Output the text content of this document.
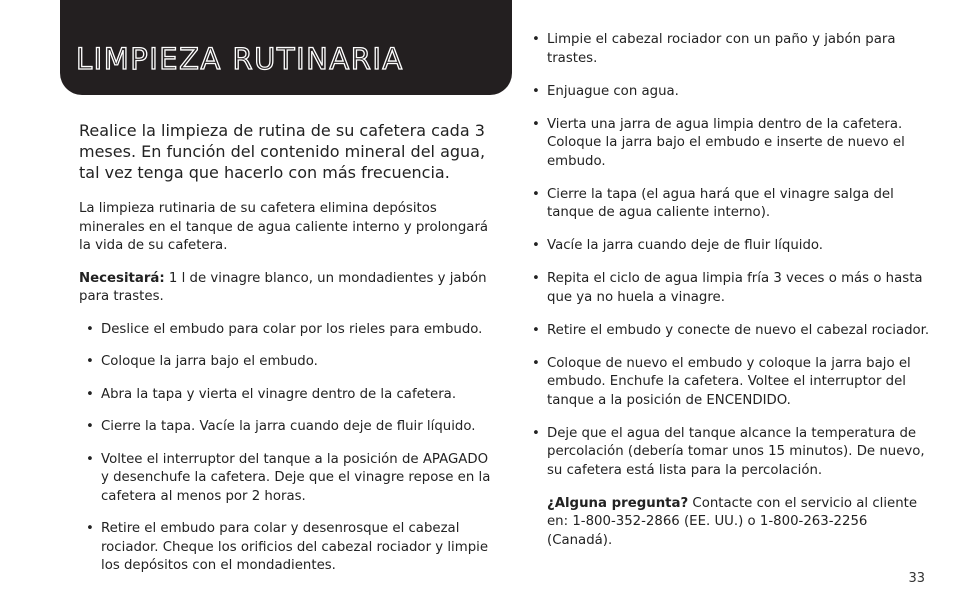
LIMPIEZA RUTINARIA

Realice la limpieza de rutina de su cafetera cada 3 meses. En función del contenido mineral del agua, tal vez tenga que hacerlo con más frecuencia.

La limpieza rutinaria de su cafetera elimina depósitos minerales en el tanque de agua caliente interno y prolongará la vida de su cafetera.

Necesitará: 1 l de vinagre blanco, un mondadientes y jabón para trastes.

• Deslice el embudo para colar por los rieles para embudo.
• Coloque la jarra bajo el embudo.
• Abra la tapa y vierta el vinagre dentro de la cafetera.
• Cierre la tapa. Vacíe la jarra cuando deje de fluir líquido.
• Voltee el interruptor del tanque a la posición de APAGADO y desenchufe la cafetera. Deje que el vinagre repose en la cafetera al menos por 2 horas.
• Retire el embudo para colar y desenrosque el cabezal rociador. Cheque los orificios del cabezal rociador y limpie los depósitos con el mondadientes.
• Limpie el cabezal rociador con un paño y jabón para trastes.
• Enjuague con agua.
• Vierta una jarra de agua limpia dentro de la cafetera. Coloque la jarra bajo el embudo e inserte de nuevo el embudo.
• Cierre la tapa (el agua hará que el vinagre salga del tanque de agua caliente interno).
• Vacíe la jarra cuando deje de fluir líquido.
• Repita el ciclo de agua limpia fría 3 veces o más o hasta que ya no huela a vinagre.
• Retire el embudo y conecte de nuevo el cabezal rociador.
• Coloque de nuevo el embudo y coloque la jarra bajo el embudo. Enchufe la cafetera. Voltee el interruptor del tanque a la posición de ENCENDIDO.
• Deje que el agua del tanque alcance la temperatura de percolación (debería tomar unos 15 minutos). De nuevo, su cafetera está lista para la percolación.

¿Alguna pregunta? Contacte con el servicio al cliente en: 1-800-352-2866 (EE. UU.) o 1-800-263-2256 (Canadá).

33
